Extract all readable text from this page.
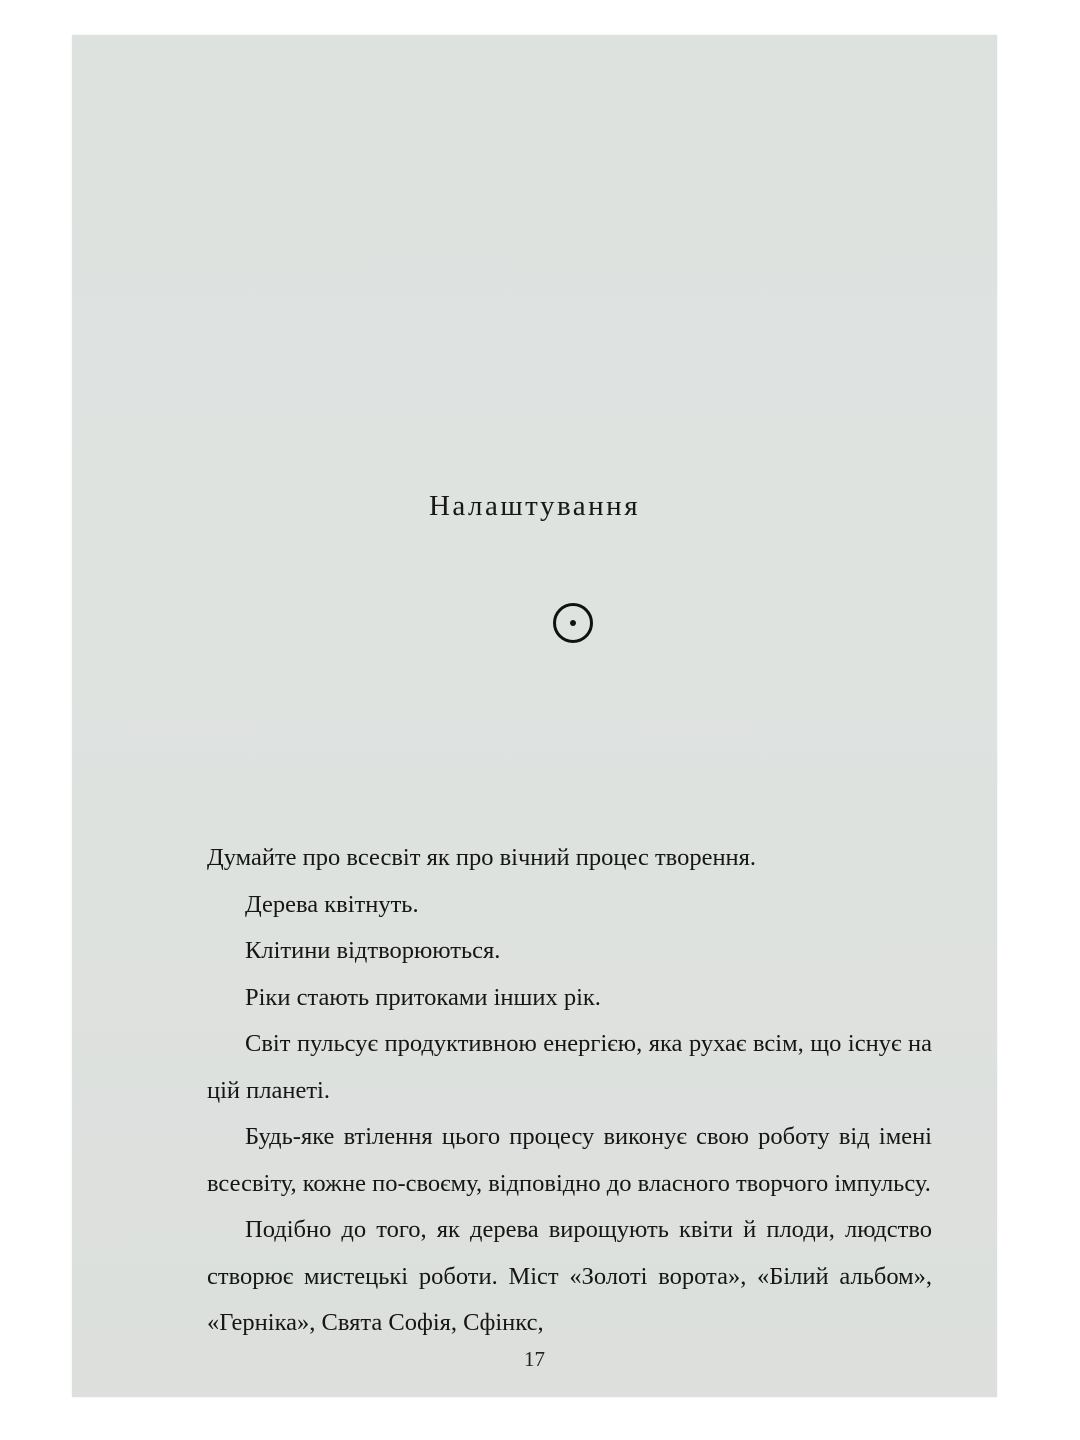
Налаштування

Думайте про всесвіт як про вічний процес творення.

Дерева квітнуть.

Клітини відтворюються.

Ріки стають притоками інших рік.

Світ пульсує продуктивною енергією, яка рухає всім, що існує на цій планеті.

Будь-яке втілення цього процесу виконує свою роботу від імені всесвіту, кожне по-своєму, відповідно до власного творчого імпульсу.

Подібно до того, як дерева вирощують квіти й плоди, людство створює мистецькі роботи. Міст «Золоті ворота», «Білий альбом», «Герніка», Свята Софія, Сфінкс,

17
